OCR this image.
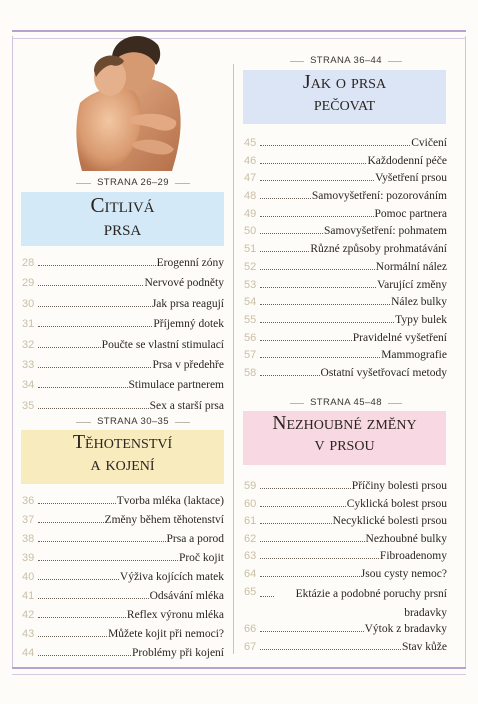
STRANA 26–29
Citlivá
prsa
28	Erogenní zóny
29	Nervové podněty
30	Jak prsa reagují
31	Příjemný dotek
32	Poučte se vlastní stimulací
33	Prsa v předehře
34	Stimulace partnerem
35	Sex a starší prsa
STRANA 30–35
Těhotenství
a kojení
36	Tvorba mléka (laktace)
37	Změny během těhotenství
38	Prsa a porod
39	Proč kojit
40	Výživa kojících matek
41	Odsávání mléka
42	Reflex výronu mléka
43	Můžete kojit při nemoci?
44	Problémy při kojení
STRANA 36–44
Jak o prsa
pečovat
45	Cvičení
46	Každodenní péče
47	Vyšetření prsou
48	Samovyšetření: pozorováním
49	Pomoc partnera
50	Samovyšetření: pohmatem
51	Různé způsoby prohmatávání
52	Normální nález
53	Varující změny
54	Nález bulky
55	Typy bulek
56	Pravidelné vyšetření
57	Mammografie
58	Ostatní vyšetřovací metody
STRANA 45–48
Nezhoubné změny
v prsou
59	Příčiny bolesti prsou
60	Cyklická bolest prsou
61	Necyklické bolesti prsou
62	Nezhoubné bulky
63	Fibroadenomy
64	Jsou cysty nemoc?
65	Ektázie a podobné poruchy prsní bradavky
66	Výtok z bradavky
67	Stav kůže
